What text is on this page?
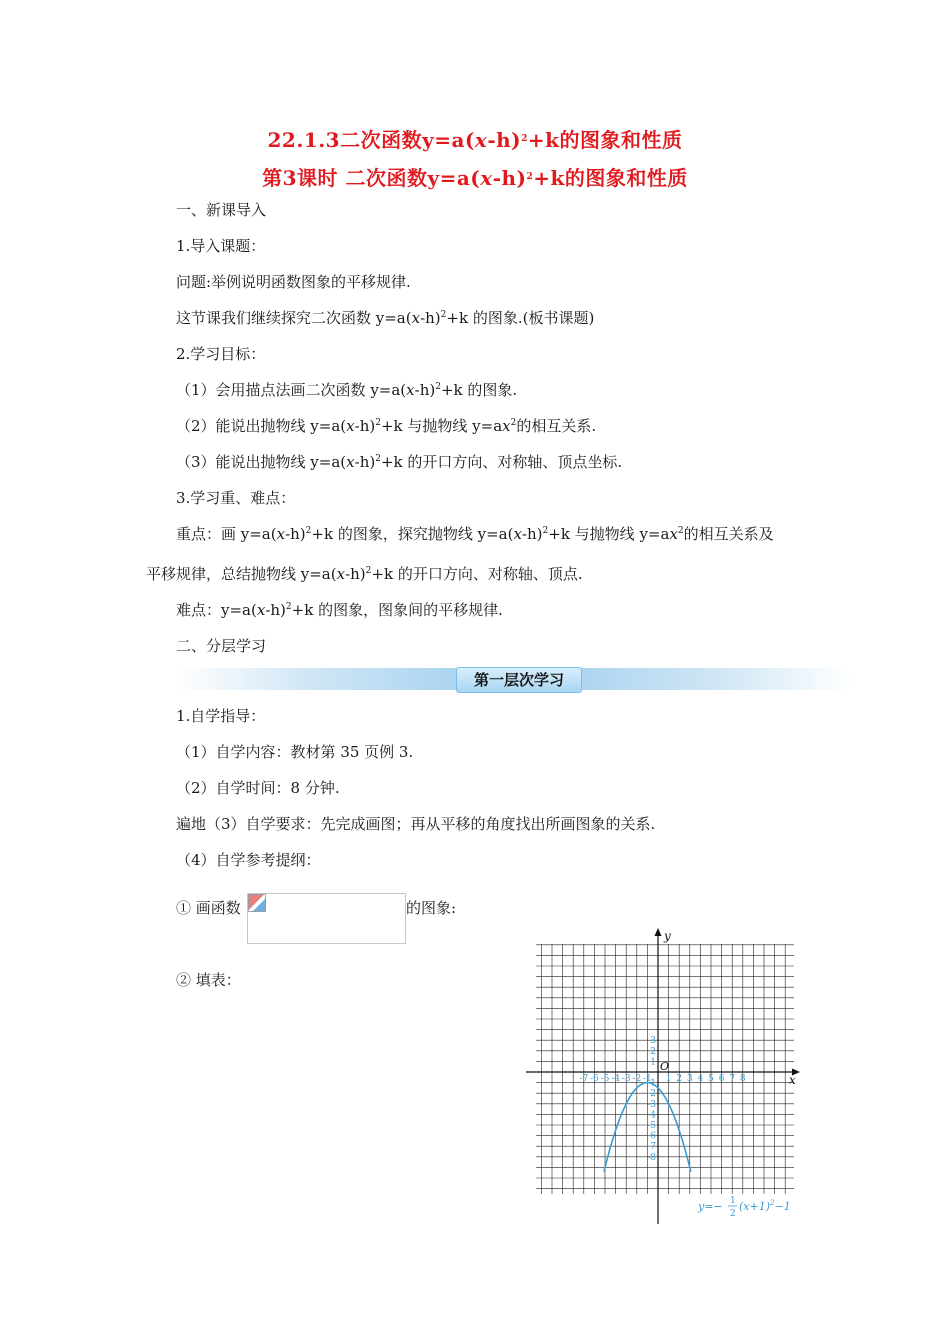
22.1.3二次函数$y=a(x-h)^2+k$的图象和性质
第3课时 二次函数$y=a(x-h)^2+k$的图象和性质
一、新课导入
1.导入课题：
问题:举例说明函数图象的平移规律.
这节课我们继续探究二次函数 $y=a(x-h)^2+k$ 的图象.(板书课题)
2.学习目标：
（1）会用描点法画二次函数 $y=a(x-h)^2+k$ 的图象.
（2）能说出抛物线 $y=a(x-h)^2+k$ 与抛物线 $y=ax^2$的相互关系.
（3）能说出抛物线 $y=a(x-h)^2+k$ 的开口方向、对称轴、顶点坐标.
3.学习重、难点：
重点：画 $y=a(x-h)^2+k$ 的图象，探究抛物线 $y=a(x-h)^2+k$ 与抛物线 $y=ax^2$的相互关系及
平移规律，总结抛物线 $y=a(x-h)^2+k$ 的开口方向、对称轴、顶点.
难点：$y=a(x-h)^2+k$ 的图象，图象间的平移规律.
二、分层学习
第一层次学习
1.自学指导：
（1）自学内容：教材第 35 页例 3.
（2）自学时间：8 分钟.
遍地（3）自学要求：先完成画图；再从平移的角度找出所画图象的关系.
（4）自学参考提纲：
① 画函数	的图象:
② 填表：
x
y
O
-7 -6 -5 -4 -3 -2 -1 1 2 3 4 5 6 7 8
1
2
3
-1
-2
-3
-4
-5
-6
-7
-8
y=− 1
2
$(x+1)^2-1$
